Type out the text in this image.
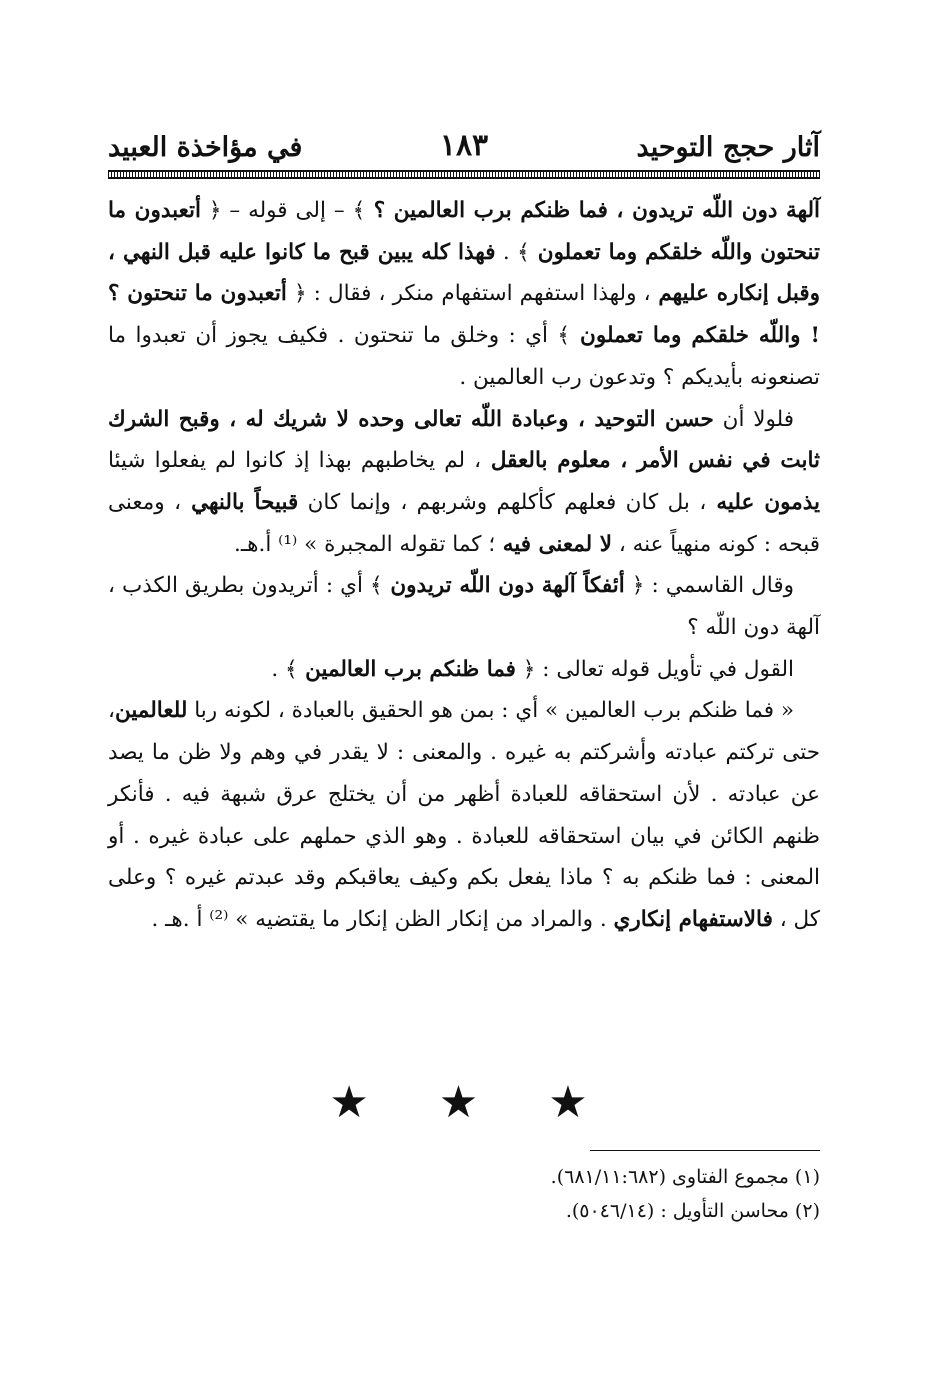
آثار حجج التوحيد
١٨٣
في مؤاخذة العبيد

آلهة دون اللّه تريدون ، فما ظنكم برب العالمين ؟ ﴾ – إلى قوله – ﴿ أتعبدون ما تنحتون واللّه خلقكم وما تعملون ﴾ . فهذا كله يبين قبح ما كانوا عليه قبل النهي ، وقبل إنكاره عليهم ، ولهذا استفهم استفهام منكر ، فقال : ﴿ أتعبدون ما تنحتون ؟ ! واللّه خلقكم وما تعملون ﴾ أي : وخلق ما تنحتون . فكيف يجوز أن تعبدوا ما تصنعونه بأيديكم ؟ وتدعون رب العالمين .

فلولا أن حسن التوحيد ، وعبادة اللّه تعالى وحده لا شريك له ، وقبح الشرك ثابت في نفس الأمر ، معلوم بالعقل ، لم يخاطبهم بهذا إذ كانوا لم يفعلوا شيئا يذمون عليه ، بل كان فعلهم كأكلهم وشربهم ، وإنما كان قبيحاً بالنهي ، ومعنى قبحه : كونه منهياً عنه ، لا لمعنى فيه ؛ كما تقوله المجبرة » ⁽¹⁾ أ.هـ.

وقال القاسمي : ﴿ أئفكاً آلهة دون اللّه تريدون ﴾ أي : أتريدون بطريق الكذب ، آلهة دون اللّه ؟

القول في تأويل قوله تعالى : ﴿ فما ظنكم برب العالمين ﴾ .

« فما ظنكم برب العالمين » أي : بمن هو الحقيق بالعبادة ، لكونه ربا للعالمين، حتى تركتم عبادته وأشركتم به غيره . والمعنى : لا يقدر في وهم ولا ظن ما يصد عن عبادته . لأن استحقاقه للعبادة أظهر من أن يختلج عرق شبهة فيه . فأنكر ظنهم الكائن في بيان استحقاقه للعبادة . وهو الذي حملهم على عبادة غيره . أو المعنى : فما ظنكم به ؟ ماذا يفعل بكم وكيف يعاقبكم وقد عبدتم غيره ؟ وعلى كل ، فالاستفهام إنكاري . والمراد من إنكار الظن إنكار ما يقتضيه » ⁽²⁾ أ .هـ .

★ ★ ★
(١) مجموع الفتاوى (٦٨١/١١:٦٨٢).
(٢) محاسن التأويل : (٥٠٤٦/١٤).
